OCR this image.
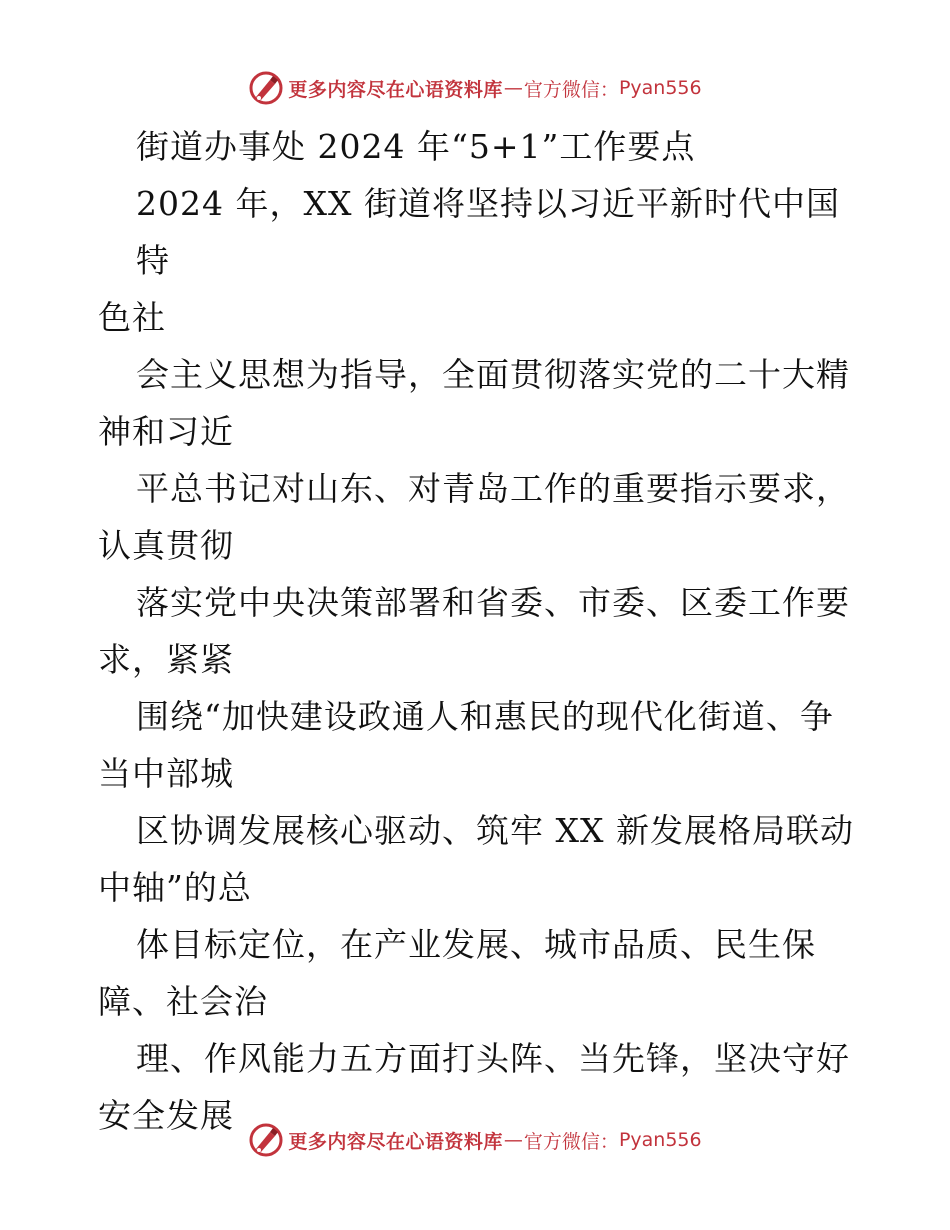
更多内容尽在心语资料库 — 官方微信： Pyan556

街道办事处 2024 年“5+1”工作要点

2024 年，XX 街道将坚持以习近平新时代中国特

色社

会主义思想为指导，全面贯彻落实党的二十大精

神和习近

平总书记对山东、对青岛工作的重要指示要求，

认真贯彻

落实党中央决策部署和省委、市委、区委工作要

求，紧紧

围绕“加快建设政通人和惠民的现代化街道、争

当中部城

区协调发展核心驱动、筑牢 XX 新发展格局联动

中轴”的总

体目标定位，在产业发展、城市品质、民生保

障、社会治

理、作风能力五方面打头阵、当先锋，坚决守好

安全发展

更多内容尽在心语资料库 — 官方微信： Pyan556
